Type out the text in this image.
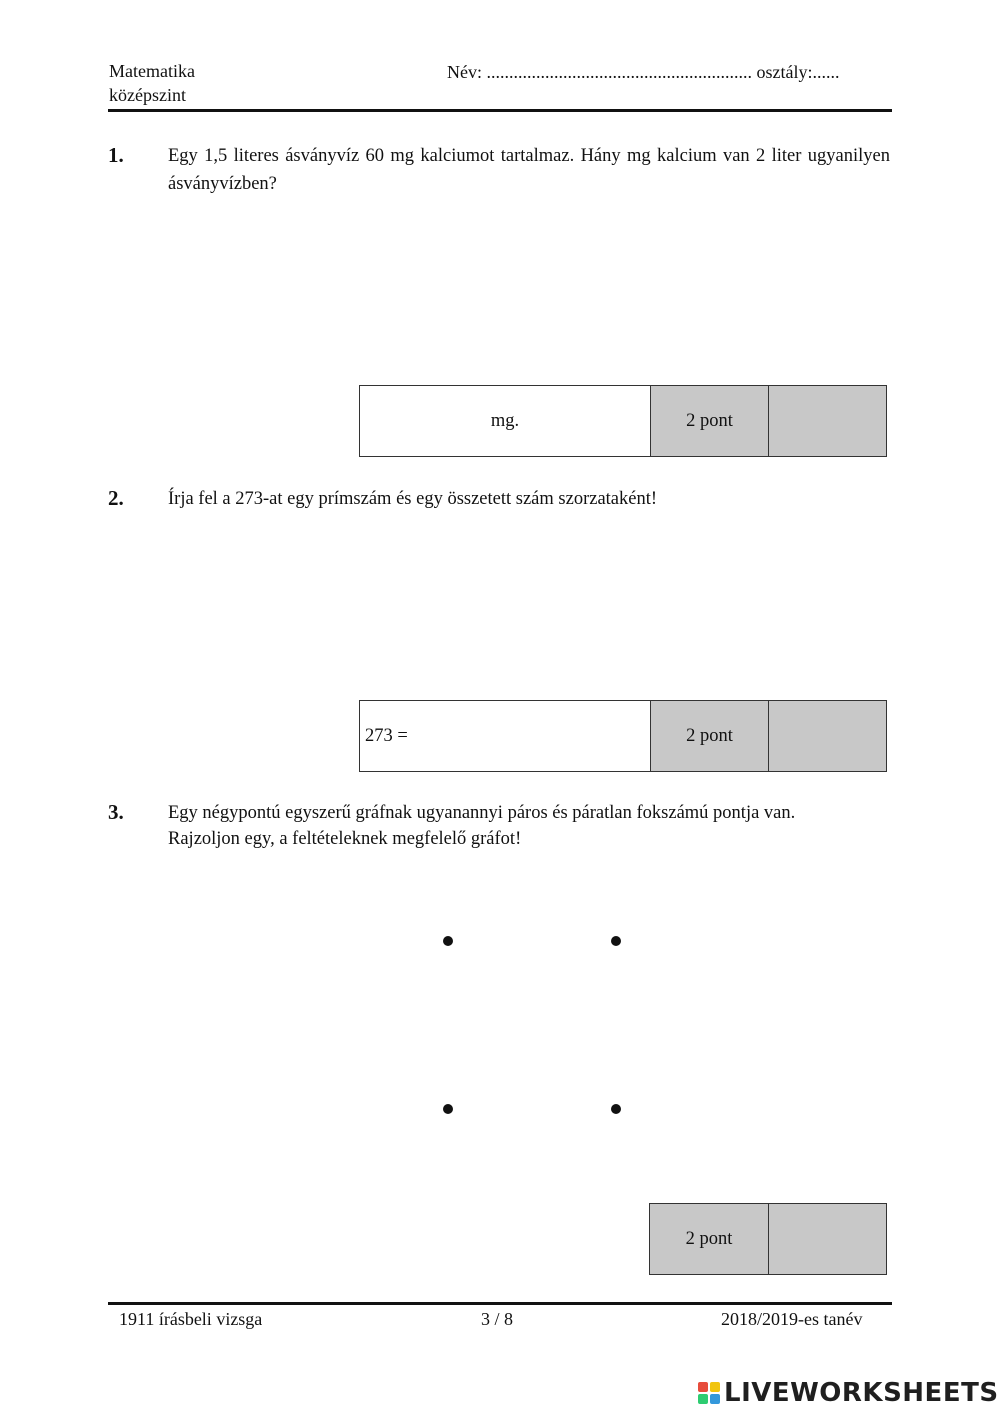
Matematika
középszint
Név: ........................................................... osztály:......
1. Egy 1,5 literes ásványvíz 60 mg kalciumot tartalmaz. Hány mg kalcium van 2 liter ugyanilyen ásványvízben?
mg.	2 pont
2. Írja fel a 273-at egy prímszám és egy összetett szám szorzataként!
273 =	2 pont
3. Egy négypontú egyszerű gráfnak ugyanannyi páros és páratlan fokszámú pontja van.
Rajzoljon egy, a feltételeknek megfelelő gráfot!
2 pont
1911 írásbeli vizsga	3 / 8	2018/2019-es tanév
LIVEWORKSHEETS
